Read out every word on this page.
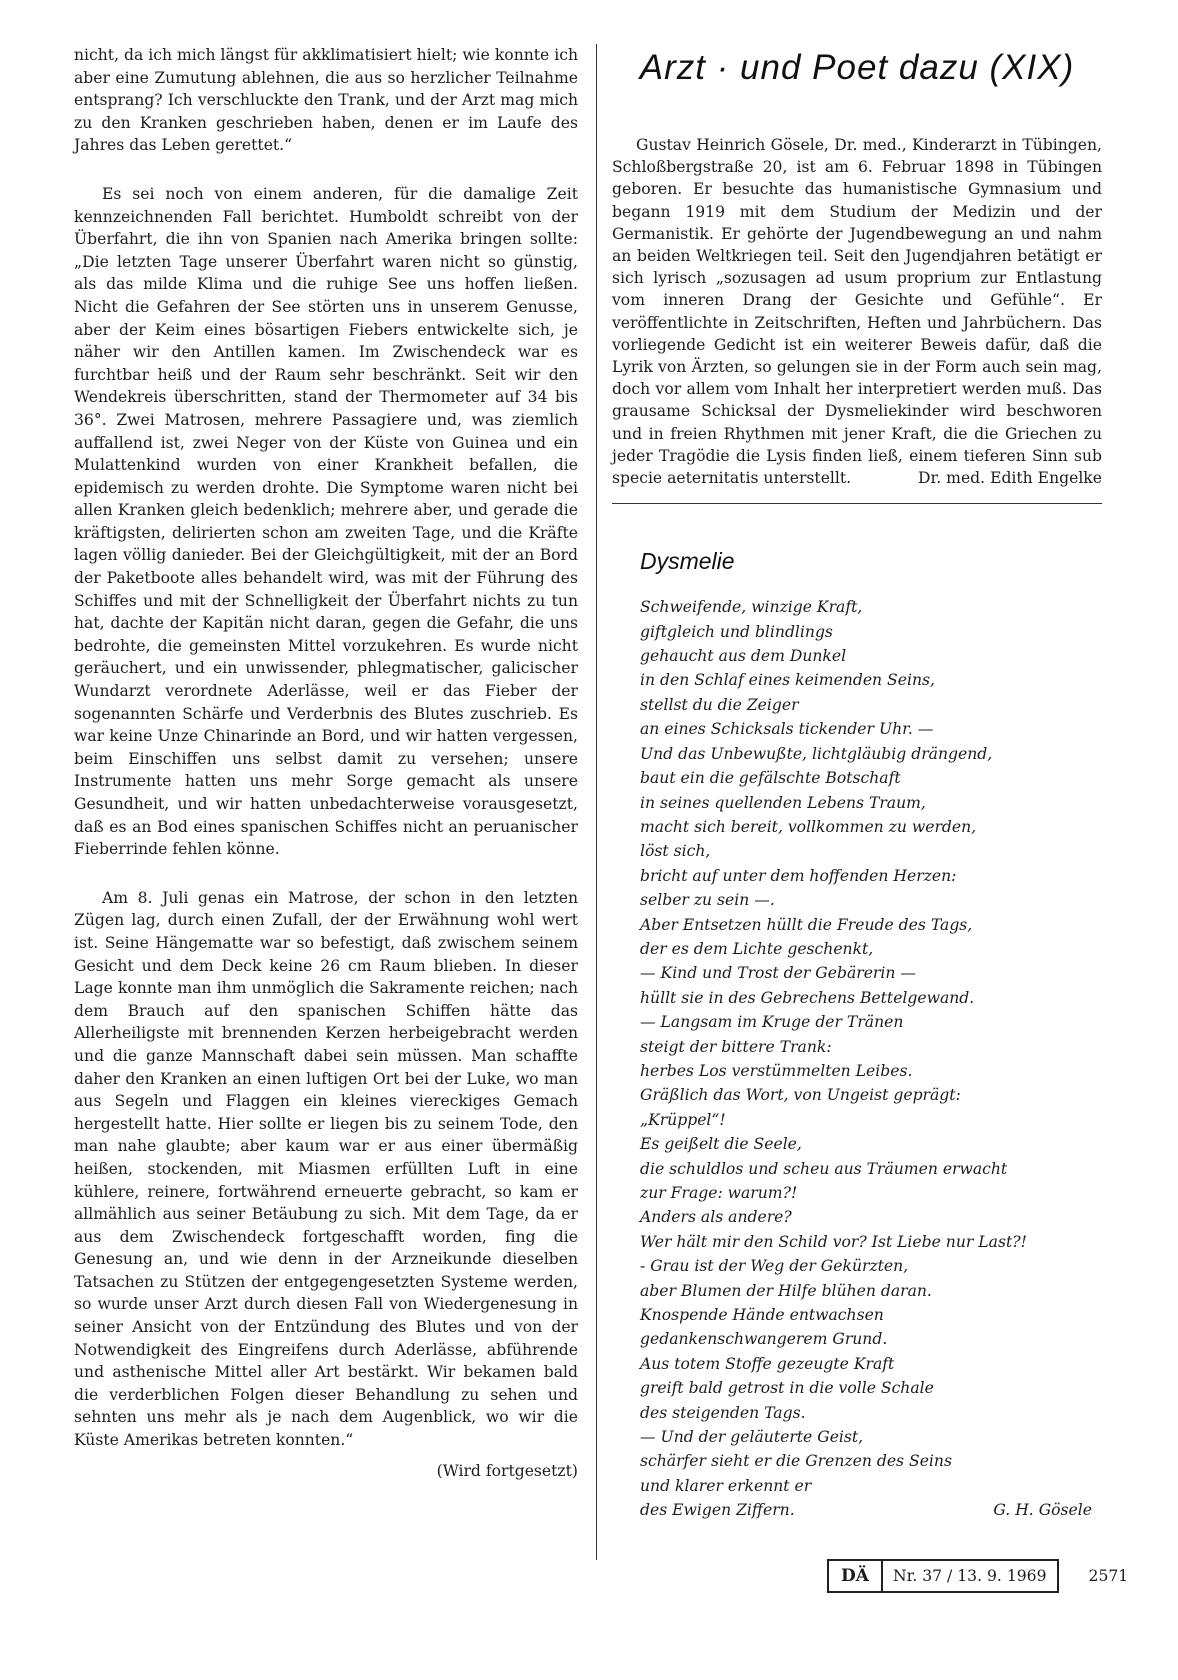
nicht, da ich mich längst für akklimatisiert hielt; wie konnte ich aber eine Zumutung ablehnen, die aus so herzlicher Teilnahme entsprang? Ich verschluckte den Trank, und der Arzt mag mich zu den Kranken geschrieben haben, denen er im Laufe des Jahres das Leben gerettet.“

Es sei noch von einem anderen, für die damalige Zeit kennzeichnenden Fall berichtet. Humboldt schreibt von der Überfahrt, die ihn von Spanien nach Amerika bringen sollte: „Die letzten Tage unserer Überfahrt waren nicht so günstig, als das milde Klima und die ruhige See uns hoffen ließen. Nicht die Gefahren der See störten uns in unserem Genusse, aber der Keim eines bösartigen Fiebers entwickelte sich, je näher wir den Antillen kamen. Im Zwischendeck war es furchtbar heiß und der Raum sehr beschränkt. Seit wir den Wendekreis überschritten, stand der Thermometer auf 34 bis 36°. Zwei Matrosen, mehrere Passagiere und, was ziemlich auffallend ist, zwei Neger von der Küste von Guinea und ein Mulattenkind wurden von einer Krankheit befallen, die epidemisch zu werden drohte. Die Symptome waren nicht bei allen Kranken gleich bedenklich; mehrere aber, und gerade die kräftigsten, delirierten schon am zweiten Tage, und die Kräfte lagen völlig danieder. Bei der Gleichgültigkeit, mit der an Bord der Paketboote alles behandelt wird, was mit der Führung des Schiffes und mit der Schnelligkeit der Überfahrt nichts zu tun hat, dachte der Kapitän nicht daran, gegen die Gefahr, die uns bedrohte, die gemeinsten Mittel vorzukehren. Es wurde nicht geräuchert, und ein unwissender, phlegmatischer, galicischer Wundarzt verordnete Aderlässe, weil er das Fieber der sogenannten Schärfe und Verderbnis des Blutes zuschrieb. Es war keine Unze Chinarinde an Bord, und wir hatten vergessen, beim Einschiffen uns selbst damit zu versehen; unsere Instrumente hatten uns mehr Sorge gemacht als unsere Gesundheit, und wir hatten unbedachterweise vorausgesetzt, daß es an Bod eines spanischen Schiffes nicht an peruanischer Fieberrinde fehlen könne.

Am 8. Juli genas ein Matrose, der schon in den letzten Zügen lag, durch einen Zufall, der der Erwähnung wohl wert ist. Seine Hängematte war so befestigt, daß zwischem seinem Gesicht und dem Deck keine 26 cm Raum blieben. In dieser Lage konnte man ihm unmöglich die Sakramente reichen; nach dem Brauch auf den spanischen Schiffen hätte das Allerheiligste mit brennenden Kerzen herbeigebracht werden und die ganze Mannschaft dabei sein müssen. Man schaffte daher den Kranken an einen luftigen Ort bei der Luke, wo man aus Segeln und Flaggen ein kleines viereckiges Gemach hergestellt hatte. Hier sollte er liegen bis zu seinem Tode, den man nahe glaubte; aber kaum war er aus einer übermäßig heißen, stockenden, mit Miasmen erfüllten Luft in eine kühlere, reinere, fortwährend erneuerte gebracht, so kam er allmählich aus seiner Betäubung zu sich. Mit dem Tage, da er aus dem Zwischendeck fortgeschafft worden, fing die Genesung an, und wie denn in der Arzneikunde dieselben Tatsachen zu Stützen der entgegengesetzten Systeme werden, so wurde unser Arzt durch diesen Fall von Wiedergenesung in seiner Ansicht von der Entzündung des Blutes und von der Notwendigkeit des Eingreifens durch Aderlässe, abführende und asthenische Mittel aller Art bestärkt. Wir bekamen bald die verderblichen Folgen dieser Behandlung zu sehen und sehnten uns mehr als je nach dem Augenblick, wo wir die Küste Amerikas betreten konnten.“

(Wird fortgesetzt)
Arzt · und Poet dazu (XIX)
Gustav Heinrich Gösele, Dr. med., Kinderarzt in Tübingen, Schloßbergstraße 20, ist am 6. Februar 1898 in Tübingen geboren. Er besuchte das humanistische Gymnasium und begann 1919 mit dem Studium der Medizin und der Germanistik. Er gehörte der Jugendbewegung an und nahm an beiden Weltkriegen teil. Seit den Jugendjahren betätigt er sich lyrisch „sozusagen ad usum proprium zur Entlastung vom inneren Drang der Gesichte und Gefühle“. Er veröffentlichte in Zeitschriften, Heften und Jahrbüchern. Das vorliegende Gedicht ist ein weiterer Beweis dafür, daß die Lyrik von Ärzten, so gelungen sie in der Form auch sein mag, doch vor allem vom Inhalt her interpretiert werden muß. Das grausame Schicksal der Dysmeliekinder wird beschworen und in freien Rhythmen mit jener Kraft, die die Griechen zu jeder Tragödie die Lysis finden ließ, einem tieferen Sinn sub specie aeternitatis unterstellt.	Dr. med. Edith Engelke
Dysmelie
Schweifende, winzige Kraft,
giftgleich und blindlings
gehaucht aus dem Dunkel
in den Schlaf eines keimenden Seins,
stellst du die Zeiger
an eines Schicksals tickender Uhr. —
Und das Unbewußte, lichtgläubig drängend,
baut ein die gefälschte Botschaft
in seines quellenden Lebens Traum,
macht sich bereit, vollkommen zu werden,
löst sich,
bricht auf unter dem hoffenden Herzen:
selber zu sein —.
Aber Entsetzen hüllt die Freude des Tags,
der es dem Lichte geschenkt,
— Kind und Trost der Gebärerin —
hüllt sie in des Gebrechens Bettelgewand.
— Langsam im Kruge der Tränen
steigt der bittere Trank:
herbes Los verstümmelten Leibes.
Gräßlich das Wort, von Ungeist geprägt:
„Krüppel“!
Es geißelt die Seele,
die schuldlos und scheu aus Träumen erwacht
zur Frage: warum?!
Anders als andere?
Wer hält mir den Schild vor? Ist Liebe nur Last?!
- Grau ist der Weg der Gekürzten,
aber Blumen der Hilfe blühen daran.
Knospende Hände entwachsen
gedankenschwangerem Grund.
Aus totem Stoffe gezeugte Kraft
greift bald getrost in die volle Schale
des steigenden Tags.
— Und der geläuterte Geist,
schärfer sieht er die Grenzen des Seins
und klarer erkennt er
des Ewigen Ziffern.	G. H. Gösele
DÄ	Nr. 37 / 13. 9. 1969	2571
